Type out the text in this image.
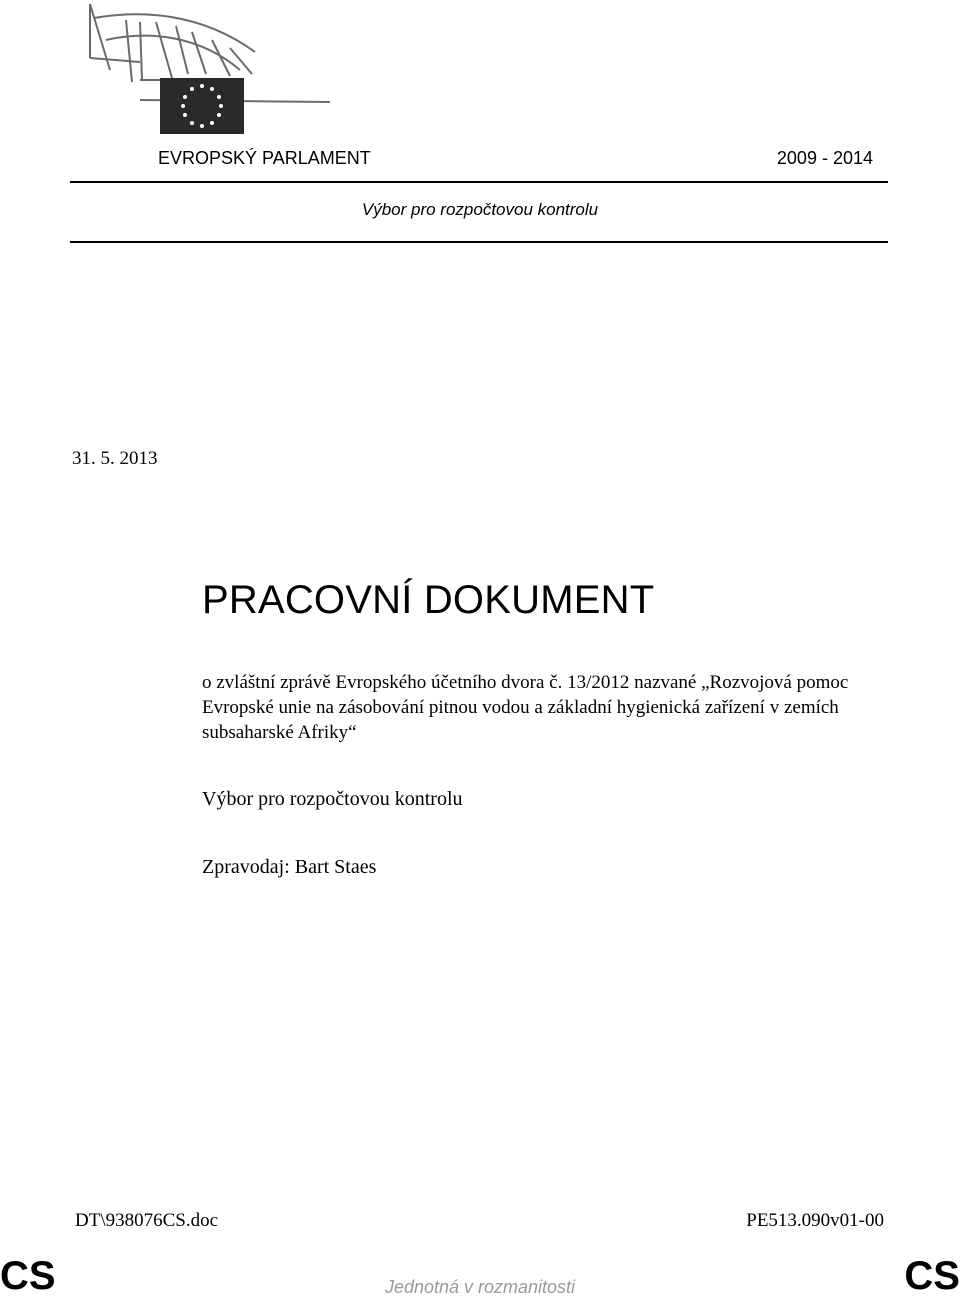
EVROPSKÝ PARLAMENT	2009 - 2014
Výbor pro rozpočtovou kontrolu
31. 5. 2013
PRACOVNÍ DOKUMENT
o zvláštní zprávě Evropského účetního dvora č. 13/2012 nazvané „Rozvojová pomoc Evropské unie na zásobování pitnou vodou a základní hygienická zařízení v zemích subsaharské Afriky“
Výbor pro rozpočtovou kontrolu
Zpravodaj: Bart Staes
DT\938076CS.doc	PE513.090v01-00
CS	Jednotná v rozmanitosti	CS
